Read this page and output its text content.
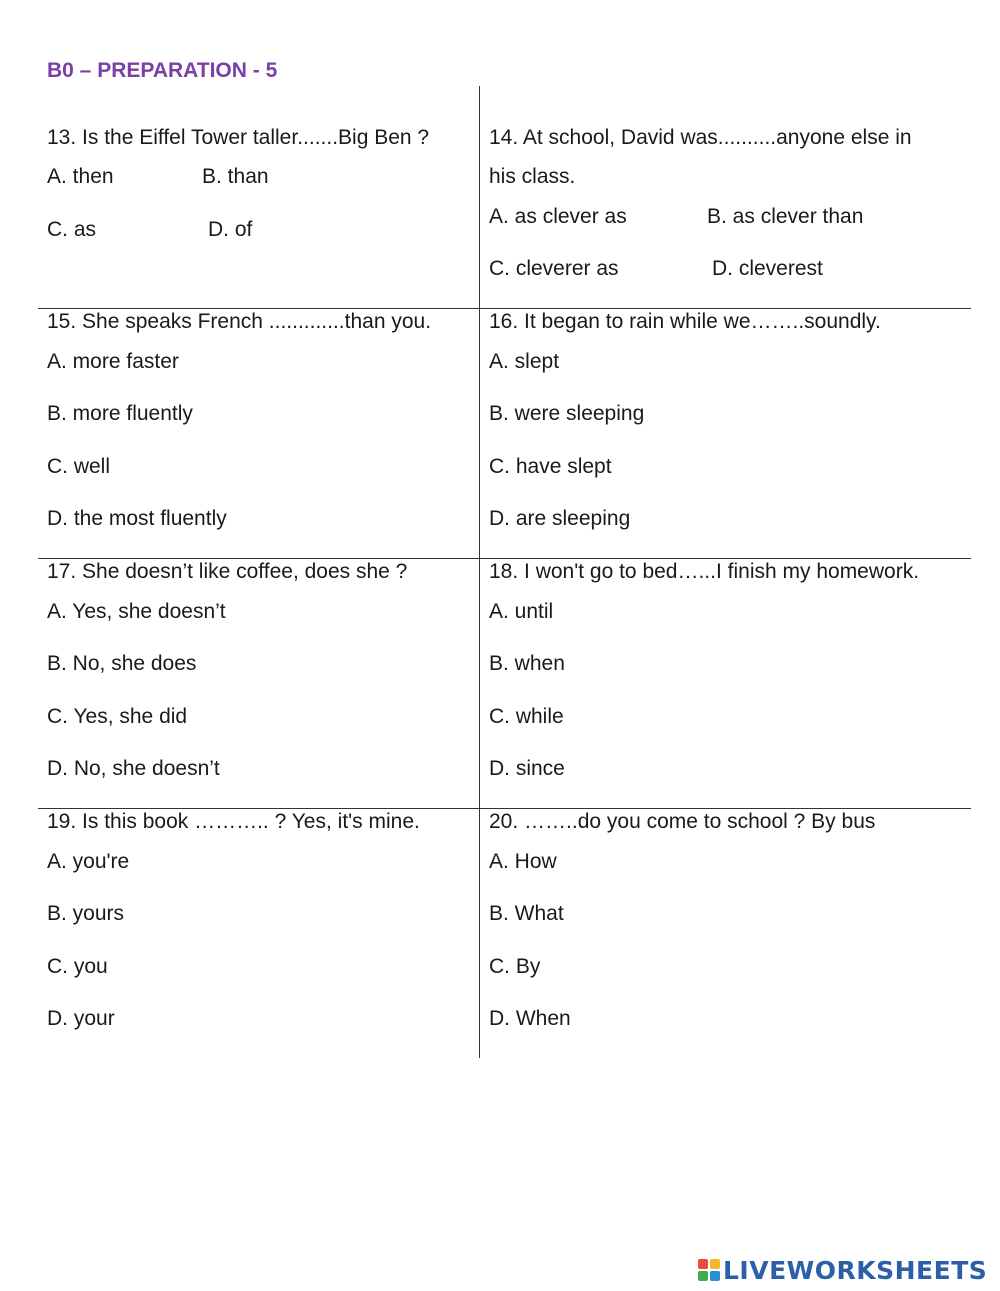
B0 – PREPARATION - 5
13. Is the Eiffel Tower taller.......Big Ben ?
A. then	B. than
C. as	D. of
14. At school, David was..........anyone else in
his class.
A. as clever as	B. as clever than
C. cleverer as	D. cleverest
15. She speaks French .............than you.
A. more faster
B. more fluently
C. well
D. the most fluently
16. It began to rain while we……..soundly.
A. slept
B. were sleeping
C. have slept
D. are sleeping
17. She doesn’t like coffee, does she ?
A. Yes, she doesn’t
B. No, she does
C. Yes, she did
D. No, she doesn’t
18. I won't go to bed…...I finish my homework.
A. until
B. when
C. while
D. since
19. Is this book ……….. ? Yes, it's mine.
A. you're
B. yours
C. you
D. your
20. ……..do you come to school ? By bus
A. How
B. What
C. By
D. When
LIVEWORKSHEETS
